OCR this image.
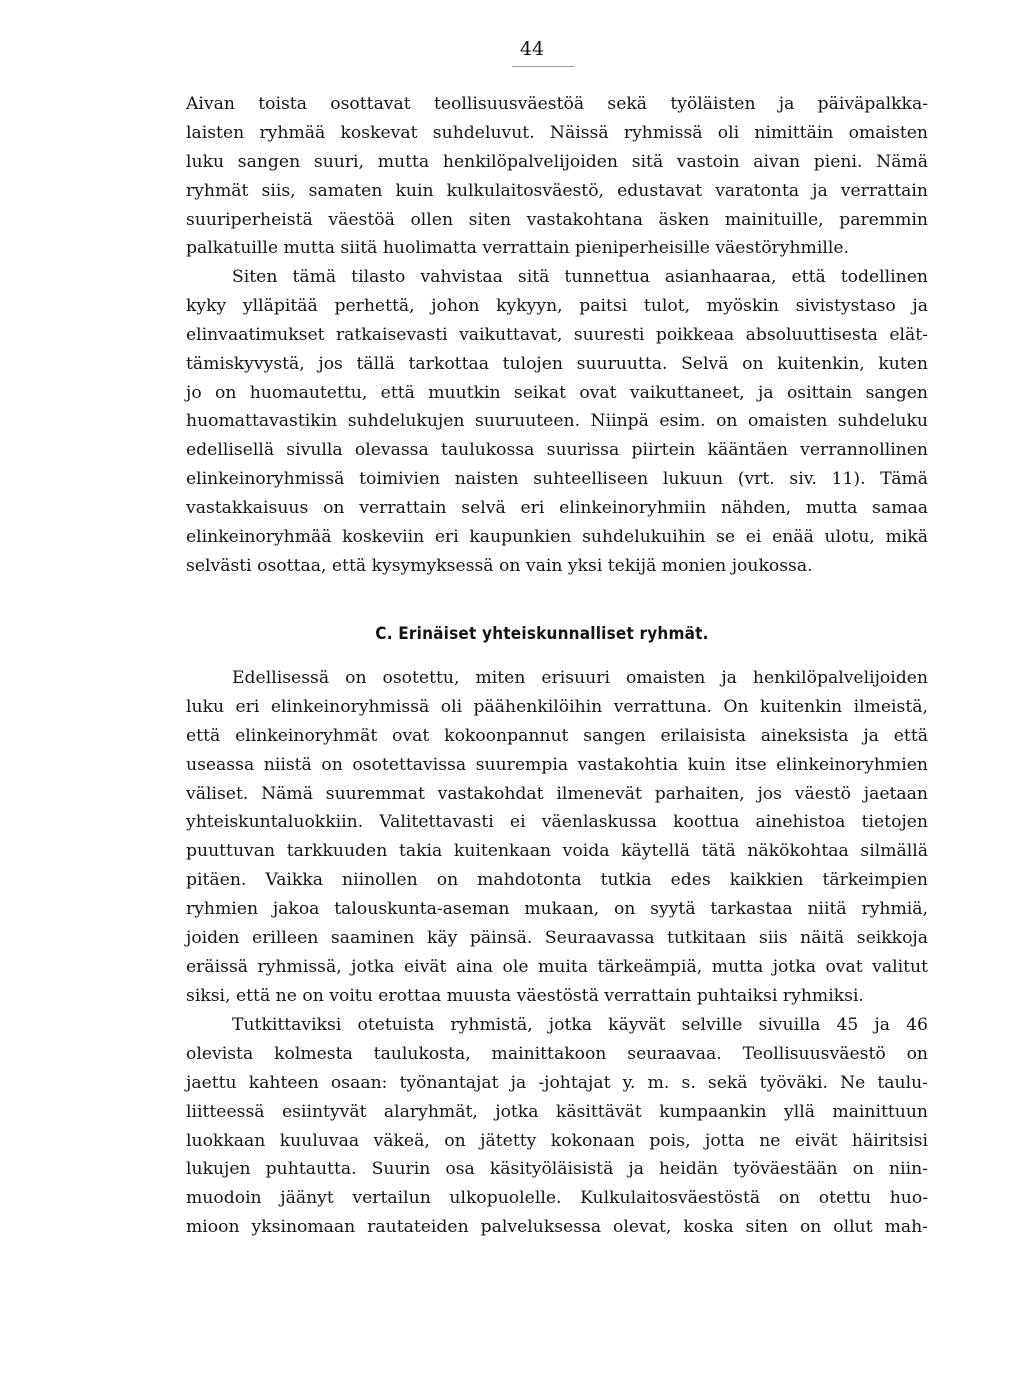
44
Aivan toista osottavat teollisuusväestöä sekä työläisten ja päiväpalkka-
laisten ryhmää koskevat suhdeluvut. Näissä ryhmissä oli nimittäin omaisten
luku sangen suuri, mutta henkilöpalvelijoiden sitä vastoin aivan pieni. Nämä
ryhmät siis, samaten kuin kulkulaitosväestö, edustavat varatonta ja verrattain
suuriperheistä väestöä ollen siten vastakohtana äsken mainituille, paremmin
palkatuille mutta siitä huolimatta verrattain pieniperheisille väestöryhmille.
Siten tämä tilasto vahvistaa sitä tunnettua asianhaaraa, että todellinen
kyky ylläpitää perhettä, johon kykyyn, paitsi tulot, myöskin sivistystaso ja
elinvaatimukset ratkaisevasti vaikuttavat, suuresti poikkeaa absoluuttisesta elät-
tämiskyvystä, jos tällä tarkottaa tulojen suuruutta. Selvä on kuitenkin, kuten
jo on huomautettu, että muutkin seikat ovat vaikuttaneet, ja osittain sangen
huomattavastikin suhdelukujen suuruuteen. Niinpä esim. on omaisten suhdeluku
edellisellä sivulla olevassa taulukossa suurissa piirtein kääntäen verrannollinen
elinkeinoryhmissä toimivien naisten suhteelliseen lukuun (vrt. siv. 11). Tämä
vastakkaisuus on verrattain selvä eri elinkeinoryhmiin nähden, mutta samaa
elinkeinoryhmää koskeviin eri kaupunkien suhdelukuihin se ei enää ulotu, mikä
selvästi osottaa, että kysymyksessä on vain yksi tekijä monien joukossa.
C. Erinäiset yhteiskunnalliset ryhmät.
Edellisessä on osotettu, miten erisuuri omaisten ja henkilöpalvelijoiden
luku eri elinkeinoryhmissä oli päähenkilöihin verrattuna. On kuitenkin ilmeistä,
että elinkeinoryhmät ovat kokoonpannut sangen erilaisista aineksista ja että
useassa niistä on osotettavissa suurempia vastakohtia kuin itse elinkeinoryhmien
väliset. Nämä suuremmat vastakohdat ilmenevät parhaiten, jos väestö jaetaan
yhteiskuntaluokkiin. Valitettavasti ei väenlaskussa koottua ainehistoa tietojen
puuttuvan tarkkuuden takia kuitenkaan voida käytellä tätä näkökohtaa silmällä
pitäen. Vaikka niinollen on mahdotonta tutkia edes kaikkien tärkeimpien
ryhmien jakoa talouskunta-aseman mukaan, on syytä tarkastaa niitä ryhmiä,
joiden erilleen saaminen käy päinsä. Seuraavassa tutkitaan siis näitä seikkoja
eräissä ryhmissä, jotka eivät aina ole muita tärkeämpiä, mutta jotka ovat valitut
siksi, että ne on voitu erottaa muusta väestöstä verrattain puhtaiksi ryhmiksi.
Tutkittaviksi otetuista ryhmistä, jotka käyvät selville sivuilla 45 ja 46
olevista kolmesta taulukosta, mainittakoon seuraavaa. Teollisuusväestö on
jaettu kahteen osaan: työnantajat ja -johtajat y. m. s. sekä työväki. Ne taulu-
liitteessä esiintyvät alaryhmät, jotka käsittävät kumpaankin yllä mainittuun
luokkaan kuuluvaa väkeä, on jätetty kokonaan pois, jotta ne eivät häiritsisi
lukujen puhtautta. Suurin osa käsityöläisistä ja heidän työväestään on niin-
muodoin jäänyt vertailun ulkopuolelle. Kulkulaitosväestöstä on otettu huo-
mioon yksinomaan rautateiden palveluksessa olevat, koska siten on ollut mah-
